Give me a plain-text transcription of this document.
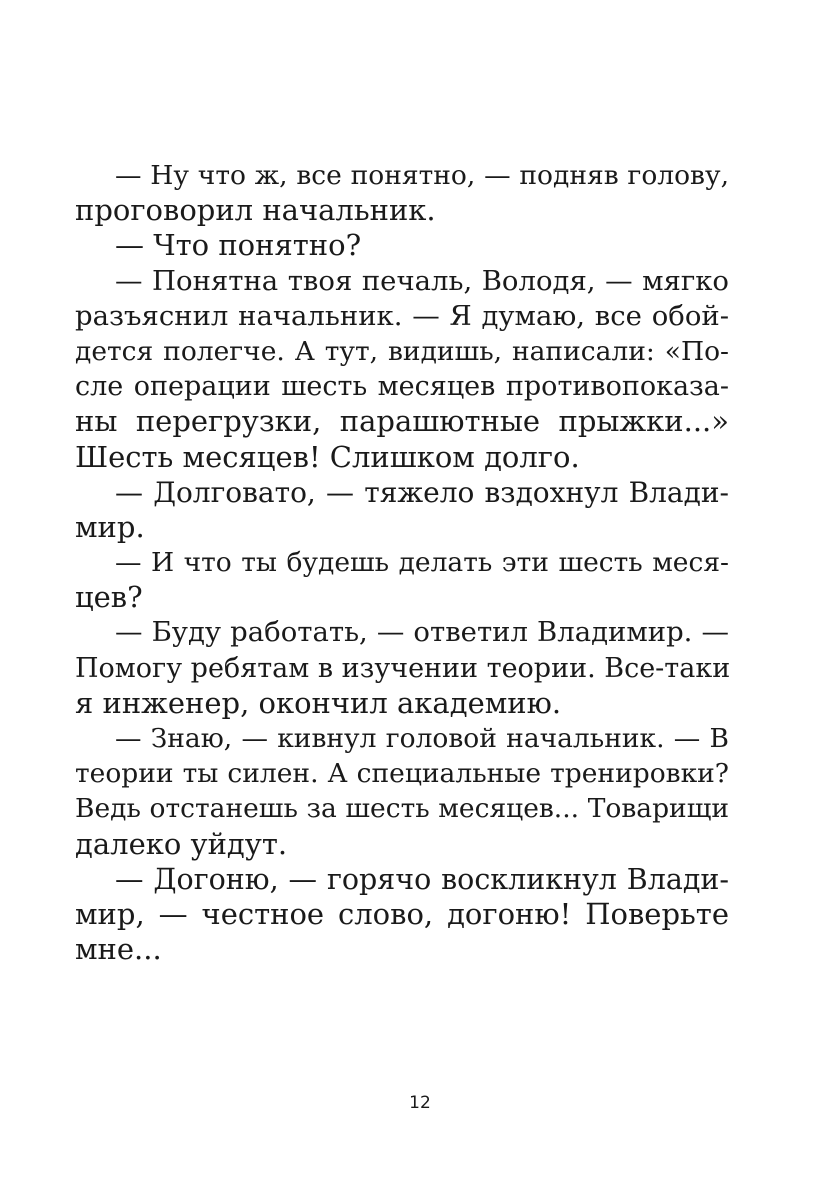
— Ну что ж, все понятно, — подняв голову,
проговорил начальник.
— Что понятно?
— Понятна твоя печаль, Володя, — мягко
разъяснил начальник. — Я думаю, все обой-
дется полегче. А тут, видишь, написали: «По-
сле операции шесть месяцев противопоказа-
ны перегрузки, парашютные прыжки...»
Шесть месяцев! Слишком долго.
— Долговато, — тяжело вздохнул Влади-
мир.
— И что ты будешь делать эти шесть меся-
цев?
— Буду работать, — ответил Владимир. —
Помогу ребятам в изучении теории. Все-таки
я инженер, окончил академию.
— Знаю, — кивнул головой начальник. — В
теории ты силен. А специальные тренировки?
Ведь отстанешь за шесть месяцев... Товарищи
далеко уйдут.
— Догоню, — горячо воскликнул Влади-
мир, — честное слово, догоню! Поверьте
мне...
12
